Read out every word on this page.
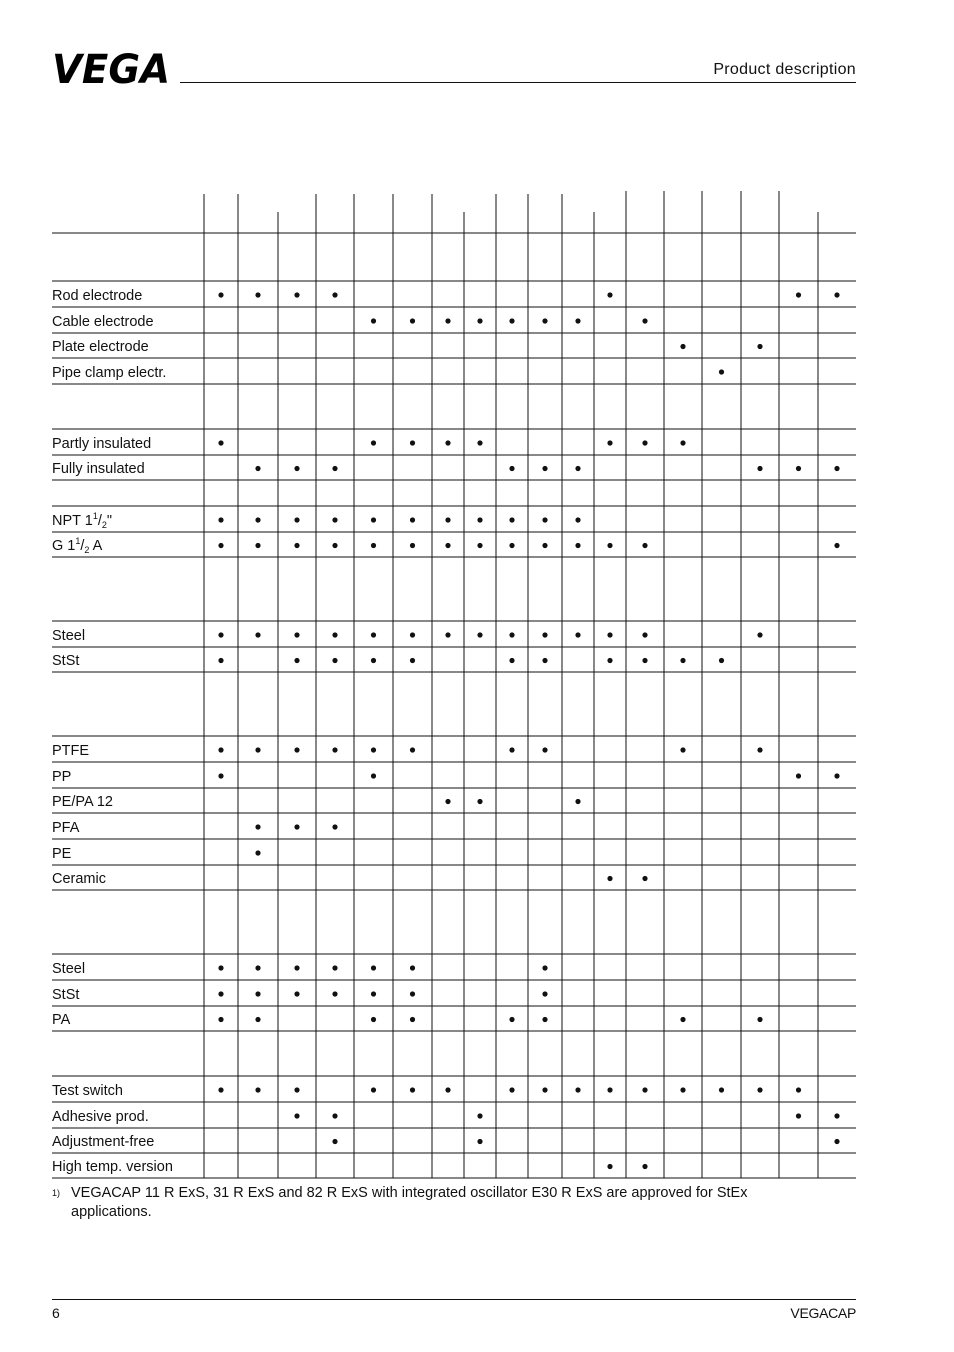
VEGA	Product description
Rod electrode
Cable electrode
Plate electrode
Pipe clamp electr.
Partly insulated
Fully insulated
NPT $1^1/_2$"
G $1^1/_2$ A
Steel
StSt
PTFE
PP
PE/PA 12
PFA
PE
Ceramic
Steel
StSt
PA
Test switch
Adhesive prod.
Adjustment-free
High temp. version
1) VEGACAP 11 R ExS, 31 R ExS and 82 R ExS with integrated oscillator E30 R ExS are approved for StEx applications.
6	VEGACAP
